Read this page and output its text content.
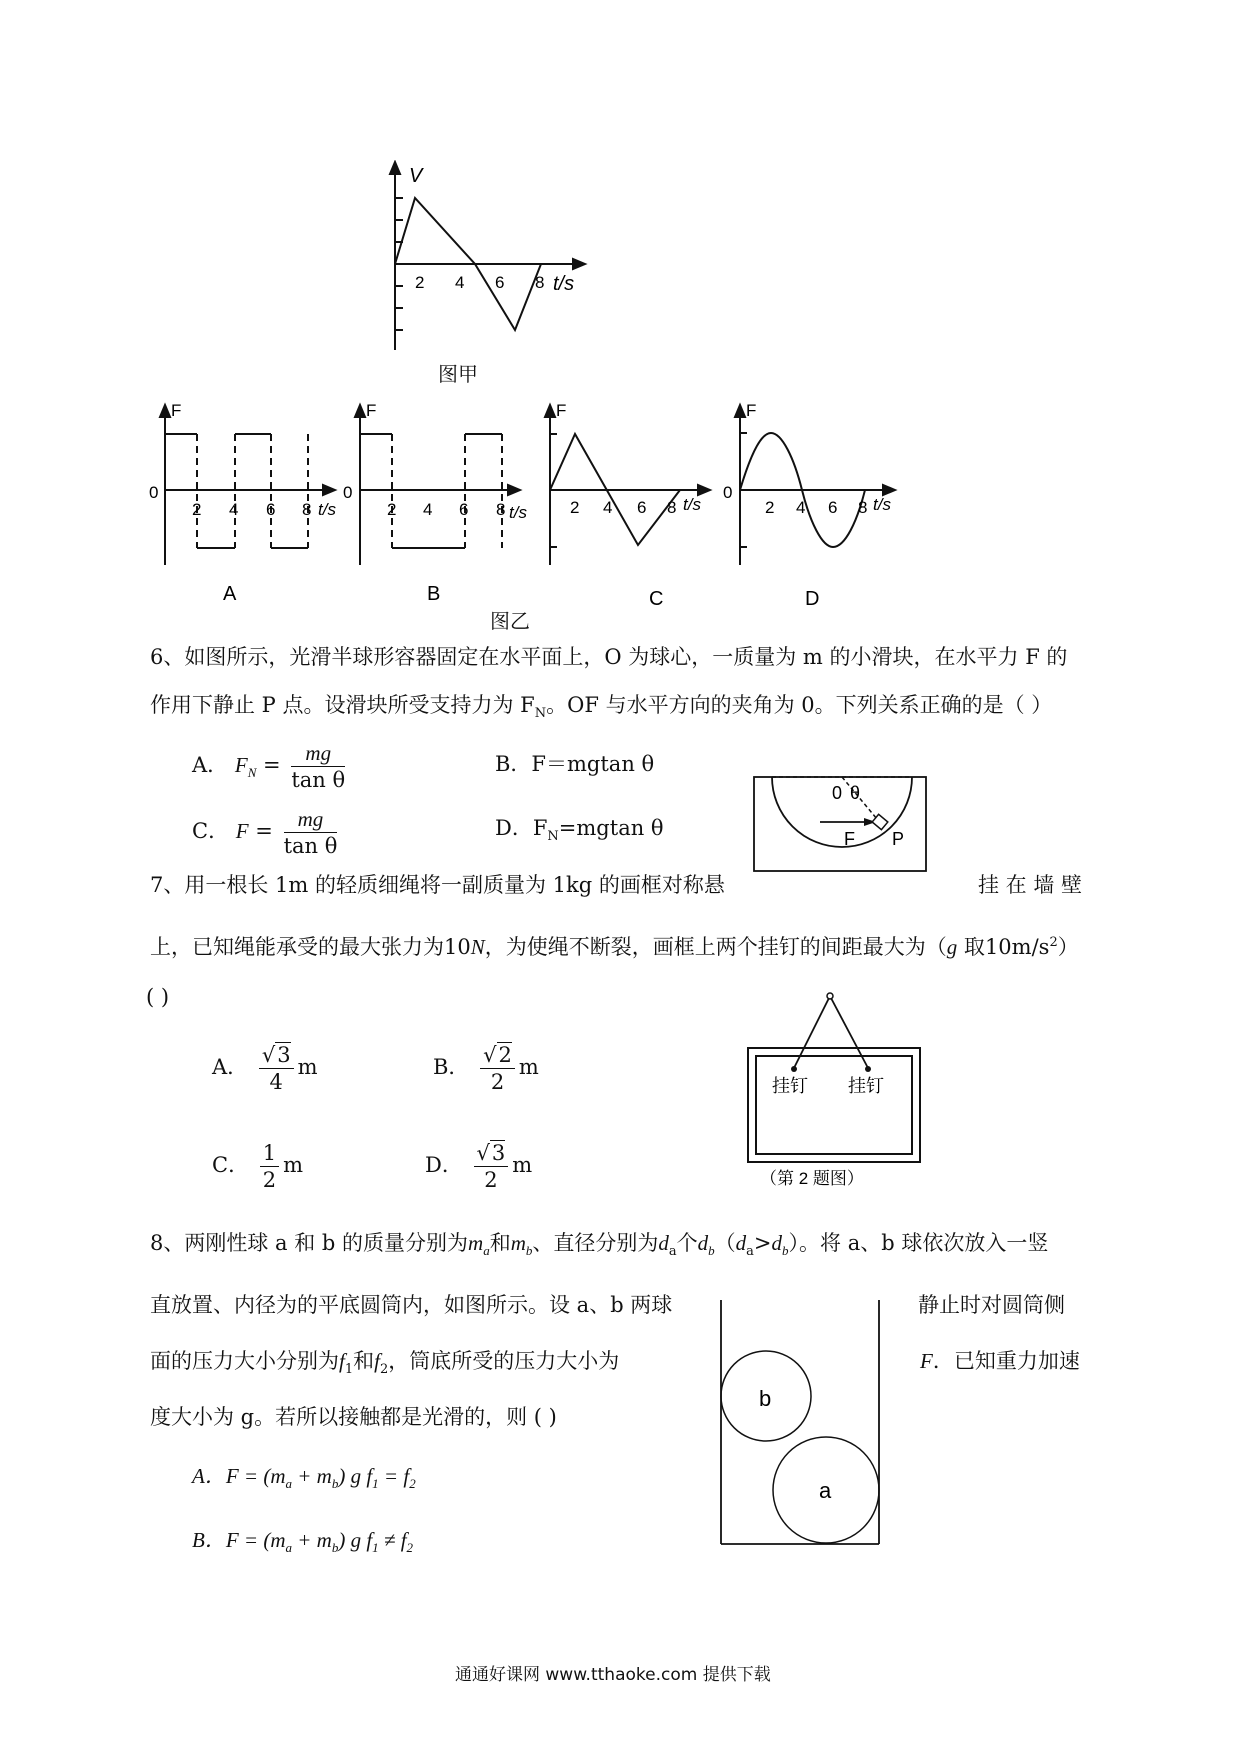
V
t/s
2 4 6 8
图甲
F
0
2 4 6 8 t/s
F
0
2 4 6 8 t/s
F
2 4 6 8 t/s
F
0
2 4 6 8 t/s
A	B	C	D
图乙
6、如图所示，光滑半球形容器固定在水平面上，O 为球心，一质量为 m 的小滑块，在水平力 F 的
作用下静止 P 点。设滑块所受支持力为 $F_N$。OF 与水平方向的夹角为 0。下列关系正确的是（ ）
A． $F_N = \frac{mg}{\text{tan θ}}$	B．F＝mgtan θ
C． $F = \frac{mg}{\text{tan θ}}$	D．$F_N=mgtan$ θ
0 θ
F P
7、用一根长 1m 的轻质细绳将一副质量为 1kg 的画框对称悬	挂 在 墙 壁
上，已知绳能承受的最大张力为10N，为使绳不断裂，画框上两个挂钉的间距最大为（g 取$10m/s^2$）
( )
A． $\frac{√3}{4}$ m	B． $\frac{√2}{2}$ m
C． $\frac{1}{2}$ m	D． $\frac{√3}{2}$ m
挂钉 挂钉
（第 2 题图）
8、两刚性球 a 和 b 的质量分别为$m_a$和$m_b$、直径分别为$d_a$个$d_b(d_a>d_b)$。将 a、b 球依次放入一竖
直放置、内径为的平底圆筒内，如图所示。设 a、b 两球	静止时对圆筒侧
面的压力大小分别为$f_1$和$f_2$，筒底所受的压力大小为	F．已知重力加速
度大小为 g。若所以接触都是光滑的，则 ( )
A．$F = (m_a + m_b)$ g $f_1 = f_2$
B．$F = (m_a + m_b)$ g $f_1 \ne f_2$
b
a
通通好课网 www.tthaoke.com 提供下载
